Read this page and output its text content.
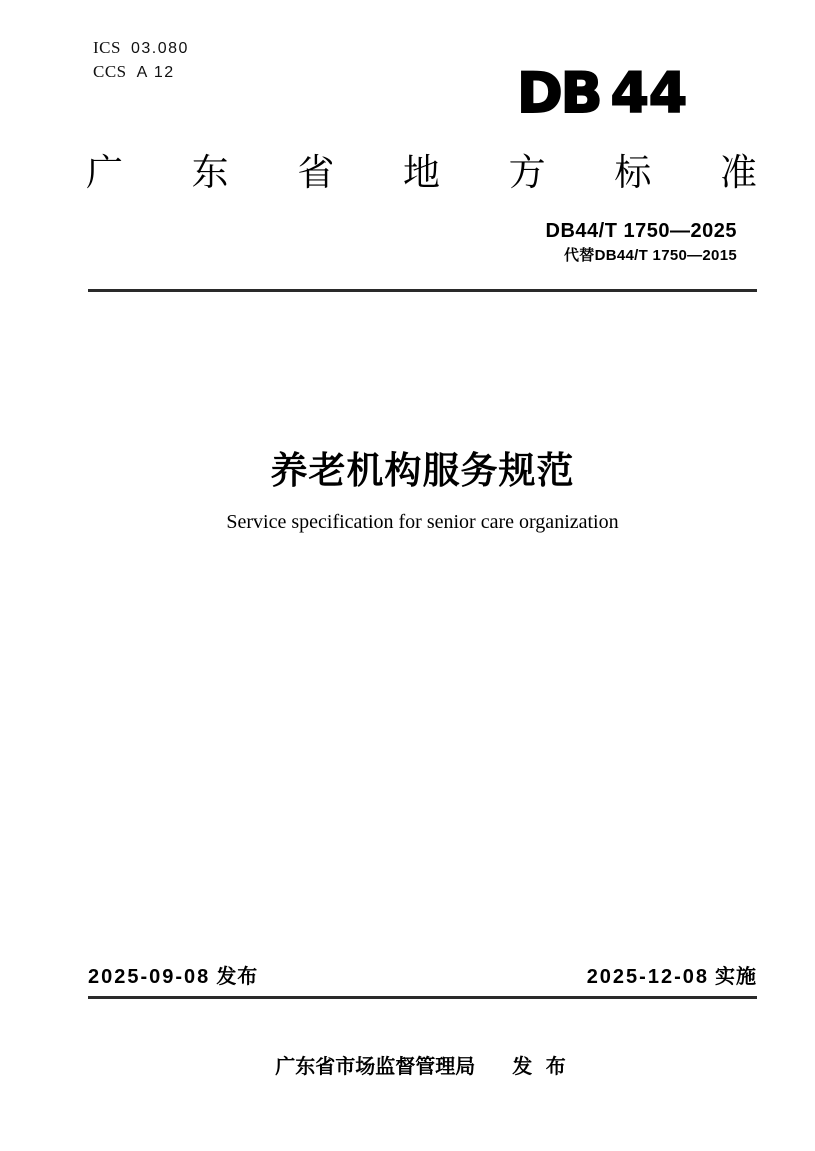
ICS 03.080
CCS A 12	DB 44
广东省地方标准
DB44/T 1750—2025
代替DB44/T 1750—2015
养老机构服务规范
Service specification for senior care organization
2025-09-08 发布	2025-12-08 实施
广东省市场监督管理局 发 布
